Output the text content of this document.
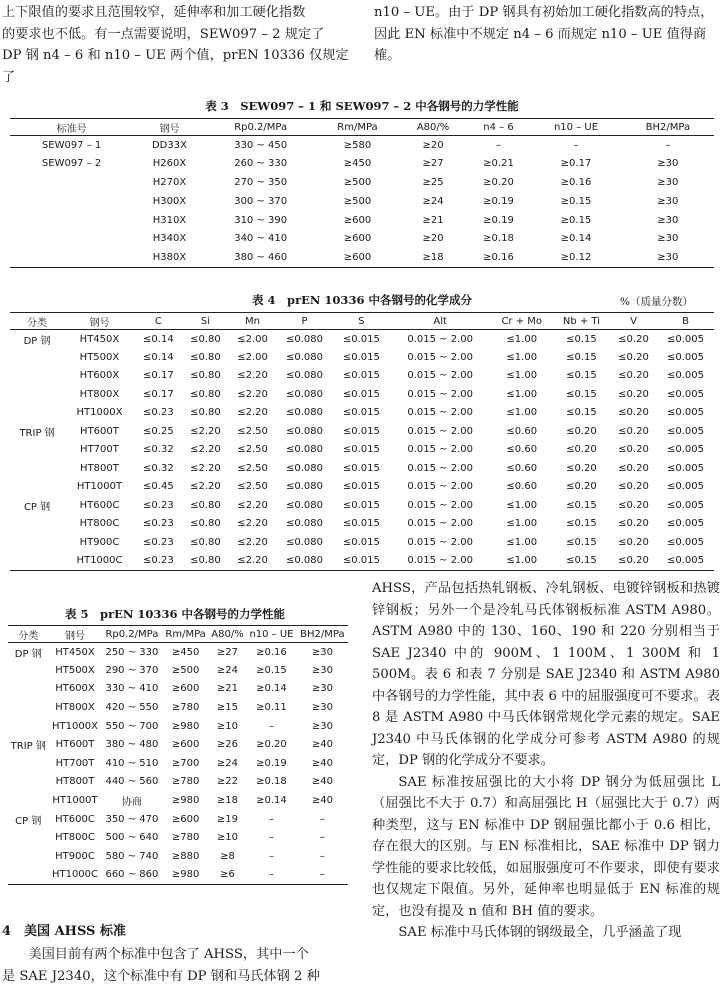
上下限值的要求且范围较窄，延伸率和加工硬化指数

的要求也不低。有一点需要说明，SEW097 – 2 规定了

DP 钢 n4 – 6 和 n10 – UE 两个值，prEN 10336 仅规定了

n10 – UE。由于 DP 钢具有初始加工硬化指数高的特点，

因此 EN 标准中不规定 n4 – 6 而规定 n10 – UE 值得商榷。

表 3　SEW097 – 1 和 SEW097 – 2 中各钢号的力学性能
标准号	钢号	Rp0.2/MPa	Rm/MPa	A80/%	n4 – 6	n10 – UE	BH2/MPa
SEW097 – 1	DD33X	330 ~ 450	≥580	≥20	–	–	–
SEW097 – 2	H260X	260 ~ 330	≥450	≥27	≥0.21	≥0.17	≥30
	H270X	270 ~ 350	≥500	≥25	≥0.20	≥0.16	≥30
	H300X	300 ~ 370	≥500	≥24	≥0.19	≥0.15	≥30
	H310X	310 ~ 390	≥600	≥21	≥0.19	≥0.15	≥30
	H340X	340 ~ 410	≥600	≥20	≥0.18	≥0.14	≥30
	H380X	380 ~ 460	≥600	≥18	≥0.16	≥0.12	≥30
表 4　prEN 10336 中各钢号的化学成分	%（质量分数）
分类	钢号	C	Si	Mn	P	S	Alt	Cr + Mo	Nb + Ti	V	B
DP 钢	HT450X	≤0.14	≤0.80	≤2.00	≤0.080	≤0.015	0.015 ~ 2.00	≤1.00	≤0.15	≤0.20	≤0.005
	HT500X	≤0.14	≤0.80	≤2.00	≤0.080	≤0.015	0.015 ~ 2.00	≤1.00	≤0.15	≤0.20	≤0.005
	HT600X	≤0.17	≤0.80	≤2.20	≤0.080	≤0.015	0.015 ~ 2.00	≤1.00	≤0.15	≤0.20	≤0.005
	HT800X	≤0.17	≤0.80	≤2.20	≤0.080	≤0.015	0.015 ~ 2.00	≤1.00	≤0.15	≤0.20	≤0.005
	HT1000X	≤0.23	≤0.80	≤2.20	≤0.080	≤0.015	0.015 ~ 2.00	≤1.00	≤0.15	≤0.20	≤0.005
TRIP 钢	HT600T	≤0.25	≤2.20	≤2.50	≤0.080	≤0.015	0.015 ~ 2.00	≤0.60	≤0.20	≤0.20	≤0.005
	HT700T	≤0.32	≤2.20	≤2.50	≤0.080	≤0.015	0.015 ~ 2.00	≤0.60	≤0.20	≤0.20	≤0.005
	HT800T	≤0.32	≤2.20	≤2.50	≤0.080	≤0.015	0.015 ~ 2.00	≤0.60	≤0.20	≤0.20	≤0.005
	HT1000T	≤0.45	≤2.20	≤2.50	≤0.080	≤0.015	0.015 ~ 2.00	≤0.60	≤0.20	≤0.20	≤0.005
CP 钢	HT600C	≤0.23	≤0.80	≤2.20	≤0.080	≤0.015	0.015 ~ 2.00	≤1.00	≤0.15	≤0.20	≤0.005
	HT800C	≤0.23	≤0.80	≤2.20	≤0.080	≤0.015	0.015 ~ 2.00	≤1.00	≤0.15	≤0.20	≤0.005
	HT900C	≤0.23	≤0.80	≤2.20	≤0.080	≤0.015	0.015 ~ 2.00	≤1.00	≤0.15	≤0.20	≤0.005
	HT1000C	≤0.23	≤0.80	≤2.20	≤0.080	≤0.015	0.015 ~ 2.00	≤1.00	≤0.15	≤0.20	≤0.005
表 5　prEN 10336 中各钢号的力学性能
分类	钢号	Rp0.2/MPa	Rm/MPa	A80/%	n10 – UE	BH2/MPa
DP 钢	HT450X	250 ~ 330	≥450	≥27	≥0.16	≥30
	HT500X	290 ~ 370	≥500	≥24	≥0.15	≥30
	HT600X	330 ~ 410	≥600	≥21	≥0.14	≥30
	HT800X	420 ~ 550	≥780	≥15	≥0.11	≥30
	HT1000X	550 ~ 700	≥980	≥10	–	≥30
TRIP 钢	HT600T	380 ~ 480	≥600	≥26	≥0.20	≥40
	HT700T	410 ~ 510	≥700	≥24	≥0.19	≥40
	HT800T	440 ~ 560	≥780	≥22	≥0.18	≥40
	HT1000T	协商	≥980	≥18	≥0.14	≥40
CP 钢	HT600C	350 ~ 470	≥600	≥19	–	–
	HT800C	500 ~ 640	≥780	≥10	–	–
	HT900C	580 ~ 740	≥880	≥8	–	–
	HT1000C	660 ~ 860	≥980	≥6	–	–
4　美国 AHSS 标准

美国目前有两个标准中包含了 AHSS，其中一个

是 SAE J2340，这个标准中有 DP 钢和马氏体钢 2 种

AHSS，产品包括热轧钢板、冷轧钢板、电镀锌钢板和热镀锌钢板；另外一个是冷轧马氏体钢板标准 ASTM A980。ASTM A980 中的 130、160、190 和 220 分别相当于 SAE J2340 中的 900M、1 100M、1 300M 和 1 500M。表 6 和表 7 分别是 SAE J2340 和 ASTM A980 中各钢号的力学性能，其中表 6 中的屈服强度可不要求。表 8 是 ASTM A980 中马氏体钢常规化学元素的规定。SAE J2340 中马氏体钢的化学成分可参考 ASTM A980 的规定，DP 钢的化学成分不要求。

SAE 标准按屈强比的大小将 DP 钢分为低屈强比 L（屈强比不大于 0.7）和高屈强比 H（屈强比大于 0.7）两种类型，这与 EN 标准中 DP 钢屈强比都小于 0.6 相比，存在很大的区别。与 EN 标准相比，SAE 标准中 DP 钢力学性能的要求比较低，如屈服强度可不作要求，即使有要求也仅规定下限值。另外，延伸率也明显低于 EN 标准的规定，也没有提及 n 值和 BH 值的要求。

SAE 标准中马氏体钢的钢级最全，几乎涵盖了现
